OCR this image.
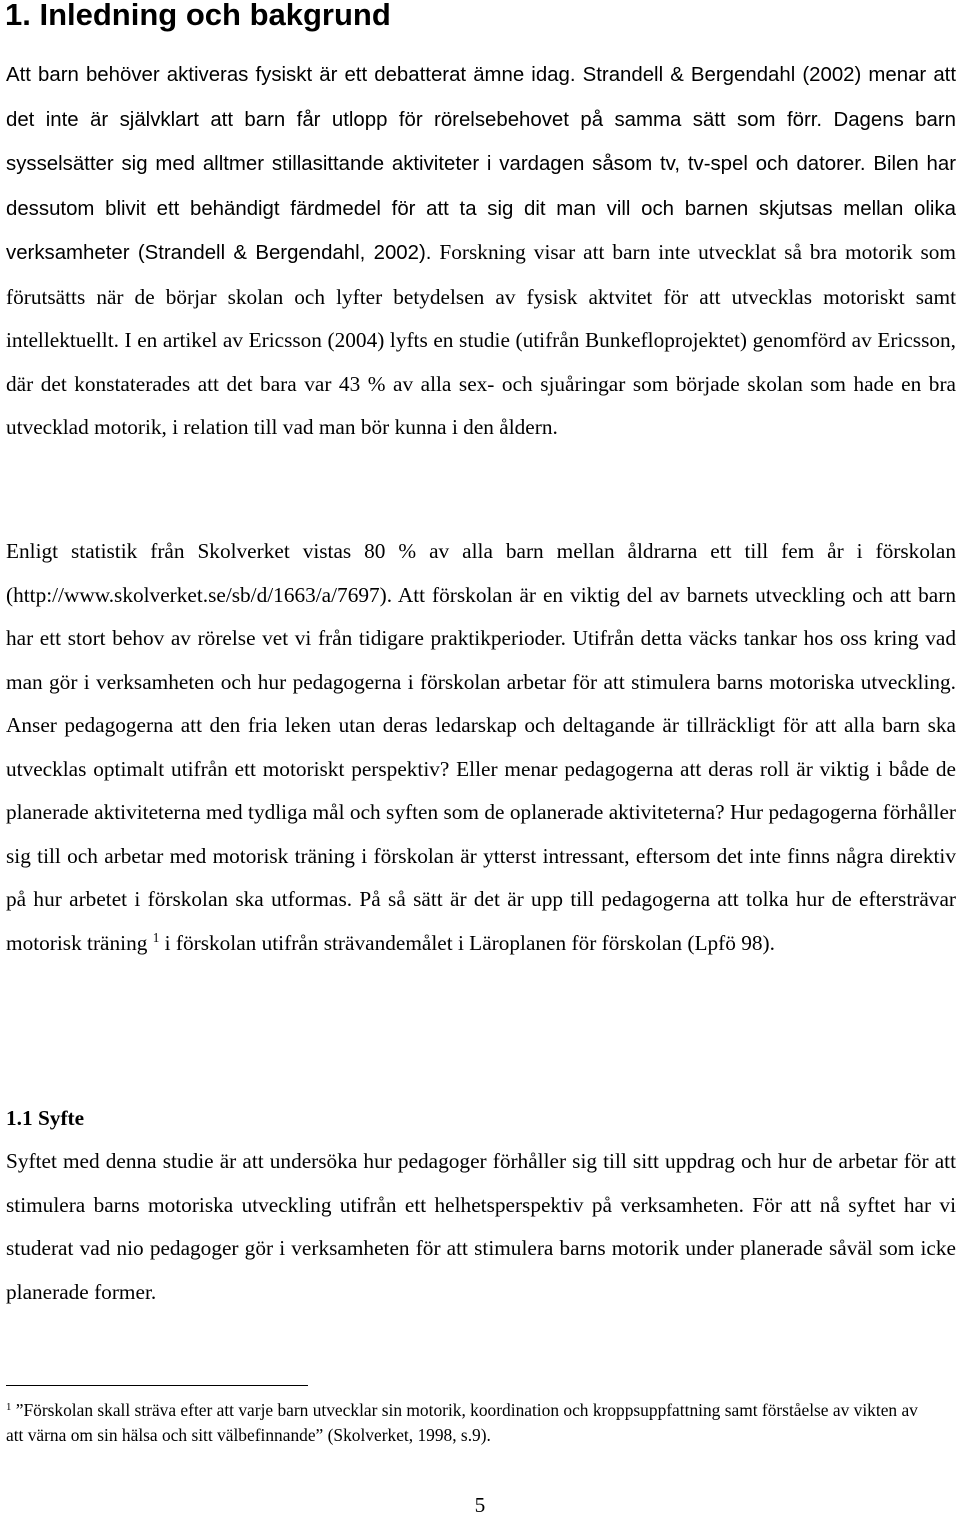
1. Inledning och bakgrund

Att barn behöver aktiveras fysiskt är ett debatterat ämne idag. Strandell & Bergendahl (2002) menar att det inte är självklart att barn får utlopp för rörelsebehovet på samma sätt som förr. Dagens barn sysselsätter sig med alltmer stillasittande aktiviteter i vardagen såsom tv, tv-spel och datorer. Bilen har dessutom blivit ett behändigt färdmedel för att ta sig dit man vill och barnen skjutsas mellan olika verksamheter (Strandell & Bergendahl, 2002). Forskning visar att barn inte utvecklat så bra motorik som förutsätts när de börjar skolan och lyfter betydelsen av fysisk aktvitet för att utvecklas motoriskt samt intellektuellt. I en artikel av Ericsson (2004) lyfts en studie (utifrån Bunkefloprojektet) genomförd av Ericsson, där det konstaterades att det bara var 43 % av alla sex- och sjuåringar som började skolan som hade en bra utvecklad motorik, i relation till vad man bör kunna i den åldern.

Enligt statistik från Skolverket vistas 80 % av alla barn mellan åldrarna ett till fem år i förskolan (http://www.skolverket.se/sb/d/1663/a/7697). Att förskolan är en viktig del av barnets utveckling och att barn har ett stort behov av rörelse vet vi från tidigare praktikperioder. Utifrån detta väcks tankar hos oss kring vad man gör i verksamheten och hur pedagogerna i förskolan arbetar för att stimulera barns motoriska utveckling. Anser pedagogerna att den fria leken utan deras ledarskap och deltagande är tillräckligt för att alla barn ska utvecklas optimalt utifrån ett motoriskt perspektiv? Eller menar pedagogerna att deras roll är viktig i både de planerade aktiviteterna med tydliga mål och syften som de oplanerade aktiviteterna? Hur pedagogerna förhåller sig till och arbetar med motorisk träning i förskolan är ytterst intressant, eftersom det inte finns några direktiv på hur arbetet i förskolan ska utformas. På så sätt är det är upp till pedagogerna att tolka hur de eftersträvar motorisk träning $^1$ i förskolan utifrån strävandemålet i Läroplanen för förskolan (Lpfö 98).

1.1 Syfte

Syftet med denna studie är att undersöka hur pedagoger förhåller sig till sitt uppdrag och hur de arbetar för att stimulera barns motoriska utveckling utifrån ett helhetsperspektiv på verksamheten. För att nå syftet har vi studerat vad nio pedagoger gör i verksamheten för att stimulera barns motorik under planerade såväl som icke planerade former.

$^1$ ”Förskolan skall sträva efter att varje barn utvecklar sin motorik, koordination och kroppsuppfattning samt förståelse av vikten av att värna om sin hälsa och sitt välbefinnande” (Skolverket, 1998, s.9).

5
